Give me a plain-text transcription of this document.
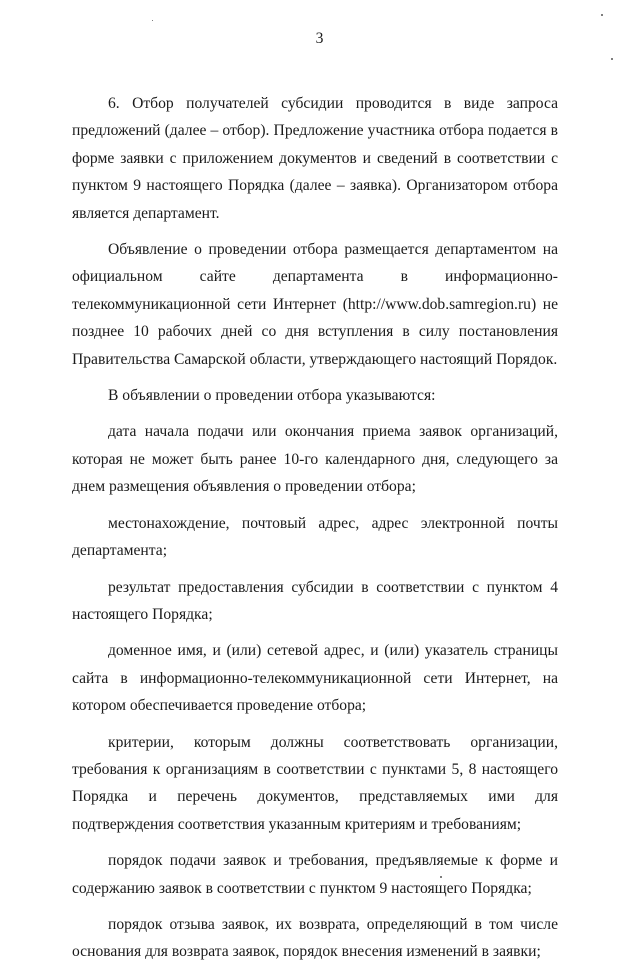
3

6. Отбор получателей субсидии проводится в виде запроса предложений (далее – отбор). Предложение участника отбора подается в форме заявки с приложением документов и сведений в соответствии с пунктом 9 настоящего Порядка (далее – заявка). Организатором отбора является департамент.

Объявление о проведении отбора размещается департаментом на официальном сайте департамента в информационно-телекоммуникационной сети Интернет (http://www.dob.samregion.ru) не позднее 10 рабочих дней со дня вступления в силу постановления Правительства Самарской области, утверждающего настоящий Порядок.

В объявлении о проведении отбора указываются:

дата начала подачи или окончания приема заявок организаций, которая не может быть ранее 10-го календарного дня, следующего за днем размещения объявления о проведении отбора;

местонахождение, почтовый адрес, адрес электронной почты департамента;

результат предоставления субсидии в соответствии с пунктом 4 настоящего Порядка;

доменное имя, и (или) сетевой адрес, и (или) указатель страницы сайта в информационно-телекоммуникационной сети Интернет, на котором обеспечивается проведение отбора;

критерии, которым должны соответствовать организации, требования к организациям в соответствии с пунктами 5, 8 настоящего Порядка и перечень документов, представляемых ими для подтверждения соответствия указанным критериям и требованиям;

порядок подачи заявок и требования, предъявляемые к форме и содержанию заявок в соответствии с пунктом 9 настоящего Порядка;

порядок отзыва заявок, их возврата, определяющий в том числе основания для возврата заявок, порядок внесения изменений в заявки;
